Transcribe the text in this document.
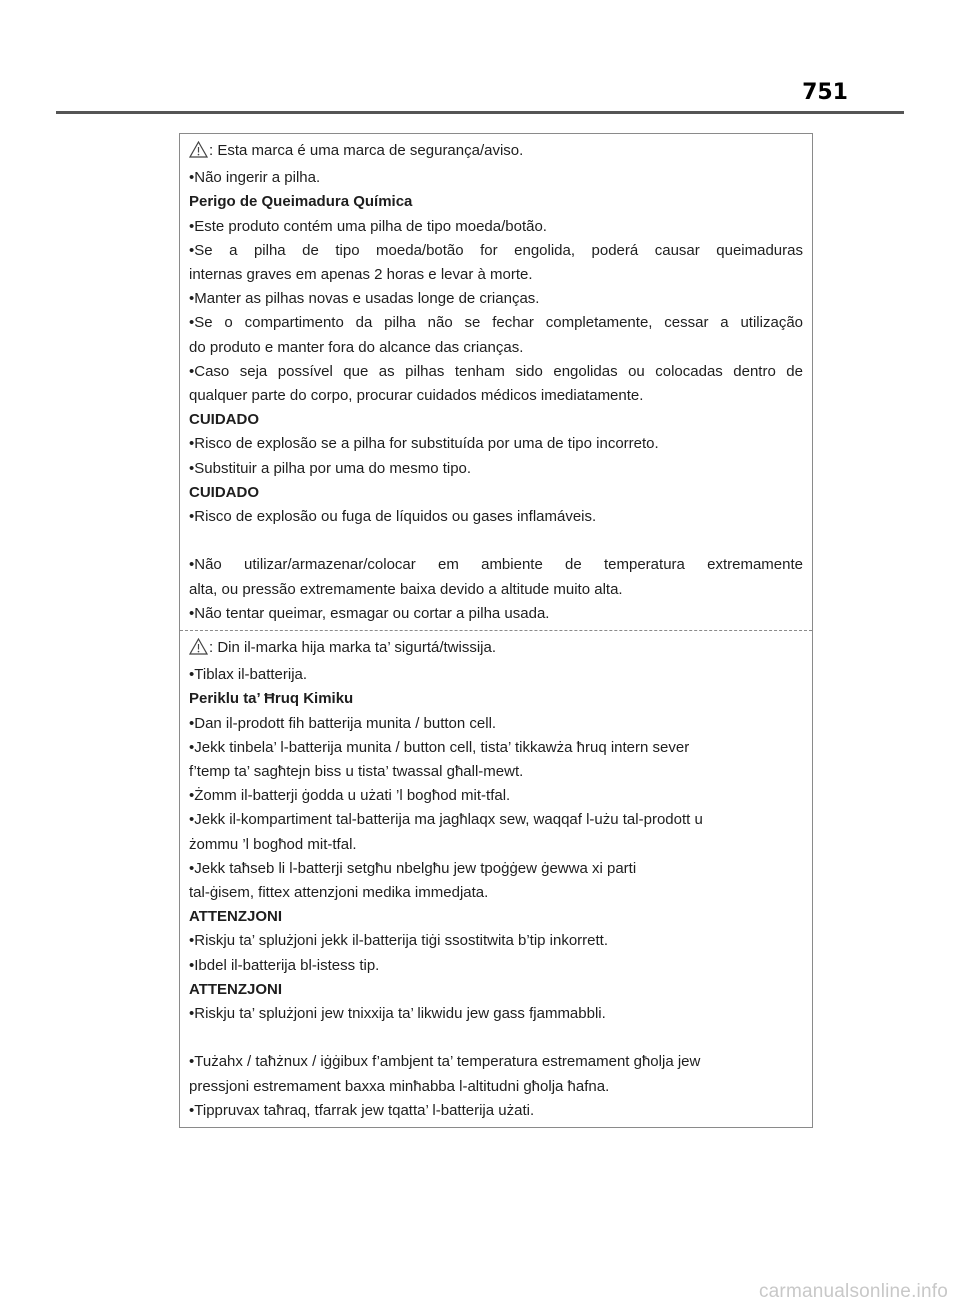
751
: Esta marca é uma marca de segurança/aviso.
•Não ingerir a pilha.
Perigo de Queimadura Química
•Este produto contém uma pilha de tipo moeda/botão.
•Se a pilha de tipo moeda/botão for engolida, poderá causar queimaduras
internas graves em apenas 2 horas e levar à morte.
•Manter as pilhas novas e usadas longe de crianças.
•Se o compartimento da pilha não se fechar completamente, cessar a utilização
do produto e manter fora do alcance das crianças.
•Caso seja possível que as pilhas tenham sido engolidas ou colocadas dentro de
qualquer parte do corpo, procurar cuidados médicos imediatamente.
CUIDADO
•Risco de explosão se a pilha for substituída por uma de tipo incorreto.
•Substituir a pilha por uma do mesmo tipo.
CUIDADO
•Risco de explosão ou fuga de líquidos ou gases inflamáveis.
•Não utilizar/armazenar/colocar em ambiente de temperatura extremamente
alta, ou pressão extremamente baixa devido a altitude muito alta.
•Não tentar queimar, esmagar ou cortar a pilha usada.
: Din il-marka hija marka ta’ sigurtá/twissija.
•Tiblax il-batterija.
Periklu ta’ Ħruq Kimiku
•Dan il-prodott fih batterija munita / button cell.
•Jekk tinbela’ l-batterija munita / button cell, tista’ tikkawża ħruq intern sever
f’temp ta’ sagħtejn biss u tista’ twassal għall-mewt.
•Żomm il-batterji ġodda u użati ’l bogħod mit-tfal.
•Jekk il-kompartiment tal-batterija ma jagħlaqx sew, waqqaf l-użu tal-prodott u
żommu ’l bogħod mit-tfal.
•Jekk taħseb li l-batterji setgħu nbelgħu jew tpoġġew ġewwa xi parti
tal-ġisem, fittex attenzjoni medika immedjata.
ATTENZJONI
•Riskju ta’ splużjoni jekk il-batterija tiġi ssostitwita b’tip inkorrett.
•Ibdel il-batterija bl-istess tip.
ATTENZJONI
•Riskju ta’ splużjoni jew tnixxija ta’ likwidu jew gass fjammabbli.
•Tużahx / taħżnux / iġġibux f’ambjent ta’ temperatura estremament għolja jew
pressjoni estremament baxxa minħabba l-altitudni għolja ħafna.
•Tippruvax taħraq, tfarrak jew tqatta’ l-batterija użati.
carmanualsonline.info
